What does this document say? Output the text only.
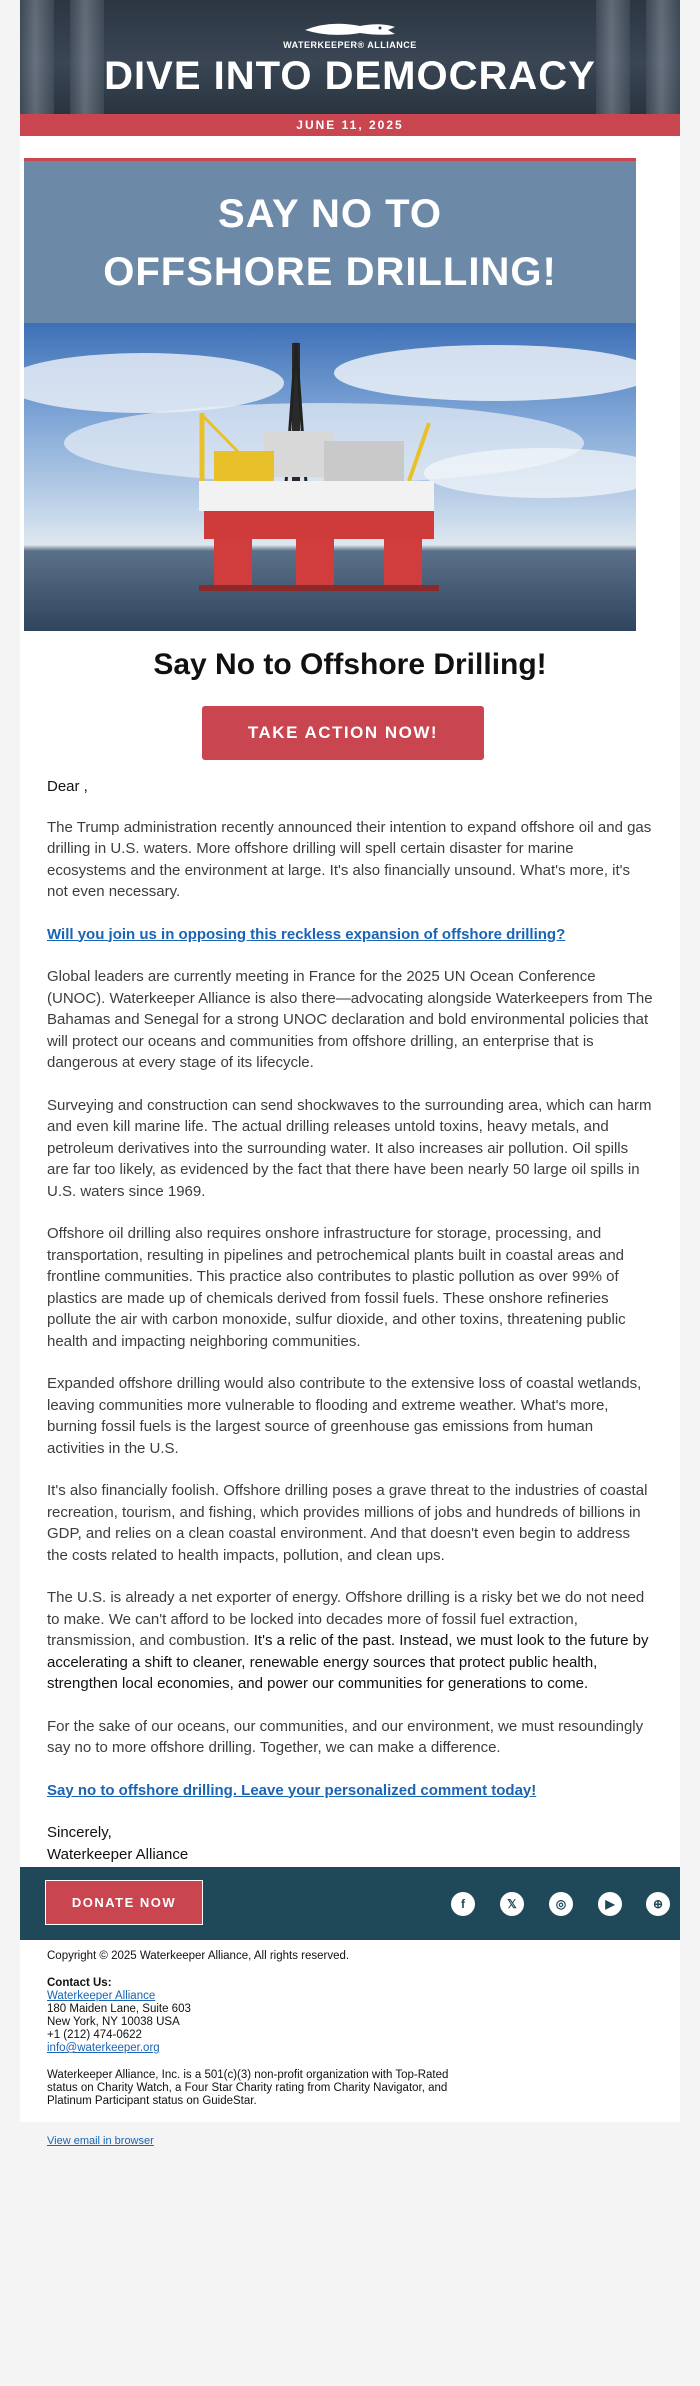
WATERKEEPER® ALLIANCE
DIVE INTO DEMOCRACY
JUNE 11, 2025
SAY NO TO
OFFSHORE DRILLING!
Say No to Offshore Drilling!
TAKE ACTION NOW!

Dear ,

The Trump administration recently announced their intention to expand offshore oil and gas drilling in U.S. waters. More offshore drilling will spell certain disaster for marine ecosystems and the environment at large. It's also financially unsound. What's more, it's not even necessary.

Will you join us in opposing this reckless expansion of offshore drilling?

Global leaders are currently meeting in France for the 2025 UN Ocean Conference (UNOC). Waterkeeper Alliance is also there—advocating alongside Waterkeepers from The Bahamas and Senegal for a strong UNOC declaration and bold environmental policies that will protect our oceans and communities from offshore drilling, an enterprise that is dangerous at every stage of its lifecycle.

Surveying and construction can send shockwaves to the surrounding area, which can harm and even kill marine life. The actual drilling releases untold toxins, heavy metals, and petroleum derivatives into the surrounding water. It also increases air pollution. Oil spills are far too likely, as evidenced by the fact that there have been nearly 50 large oil spills in U.S. waters since 1969.

Offshore oil drilling also requires onshore infrastructure for storage, processing, and transportation, resulting in pipelines and petrochemical plants built in coastal areas and frontline communities. This practice also contributes to plastic pollution as over 99% of plastics are made up of chemicals derived from fossil fuels. These onshore refineries pollute the air with carbon monoxide, sulfur dioxide, and other toxins, threatening public health and impacting neighboring communities.

Expanded offshore drilling would also contribute to the extensive loss of coastal wetlands, leaving communities more vulnerable to flooding and extreme weather. What's more, burning fossil fuels is the largest source of greenhouse gas emissions from human activities in the U.S.

It's also financially foolish. Offshore drilling poses a grave threat to the industries of coastal recreation, tourism, and fishing, which provides millions of jobs and hundreds of billions in GDP, and relies on a clean coastal environment. And that doesn't even begin to address the costs related to health impacts, pollution, and clean ups.

The U.S. is already a net exporter of energy. Offshore drilling is a risky bet we do not need to make. We can't afford to be locked into decades more of fossil fuel extraction, transmission, and combustion. It's a relic of the past. Instead, we must look to the future by accelerating a shift to cleaner, renewable energy sources that protect public health, strengthen local economies, and power our communities for generations to come.

For the sake of our oceans, our communities, and our environment, we must resoundingly say no to more offshore drilling. Together, we can make a difference.

Say no to offshore drilling. Leave your personalized comment today!

Sincerely,
Waterkeeper Alliance
DONATE NOW	f	𝕏	◎	▶	⊕
Copyright © 2025 Waterkeeper Alliance, All rights reserved.
Contact Us:
Waterkeeper Alliance
180 Maiden Lane, Suite 603
New York, NY 10038 USA
+1 (212) 474-0622
info@waterkeeper.org
Waterkeeper Alliance, Inc. is a 501(c)(3) non-profit organization with Top-Rated status on Charity Watch, a Four Star Charity rating from Charity Navigator, and Platinum Participant status on GuideStar.
View email in browser
